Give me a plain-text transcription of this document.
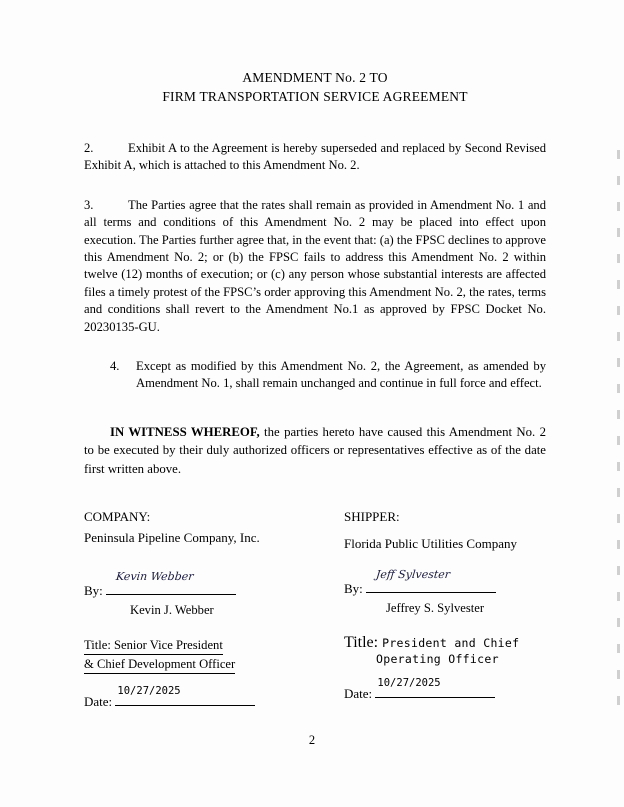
AMENDMENT No. 2 TO
FIRM TRANSPORTATION SERVICE AGREEMENT
2.	Exhibit A to the Agreement is hereby superseded and replaced by Second Revised Exhibit A, which is attached to this Amendment No. 2.
3.	The Parties agree that the rates shall remain as provided in Amendment No. 1 and all terms and conditions of this Amendment No. 2 may be placed into effect upon execution. The Parties further agree that, in the event that: (a) the FPSC declines to approve this Amendment No. 2; or (b) the FPSC fails to address this Amendment No. 2 within twelve (12) months of execution; or (c) any person whose substantial interests are affected files a timely protest of the FPSC’s order approving this Amendment No. 2, the rates, terms and conditions shall revert to the Amendment No.1 as approved by FPSC Docket No. 20230135-GU.
4. Except as modified by this Amendment No. 2, the Agreement, as amended by Amendment No. 1, shall remain unchanged and continue in full force and effect.
IN WITNESS WHEREOF, the parties hereto have caused this Amendment No. 2 to be executed by their duly authorized officers or representatives effective as of the date first written above.
COMPANY:
Peninsula Pipeline Company, Inc.
Kevin Webber
By:
Kevin J. Webber
Title: Senior Vice President & Chief Development Officer
Date:
10/27/2025
SHIPPER:
Florida Public Utilities Company
Jeff Sylvester
By:
Jeffrey S. Sylvester
Title: President and Chief
Operating Officer
Date:
10/27/2025
2
